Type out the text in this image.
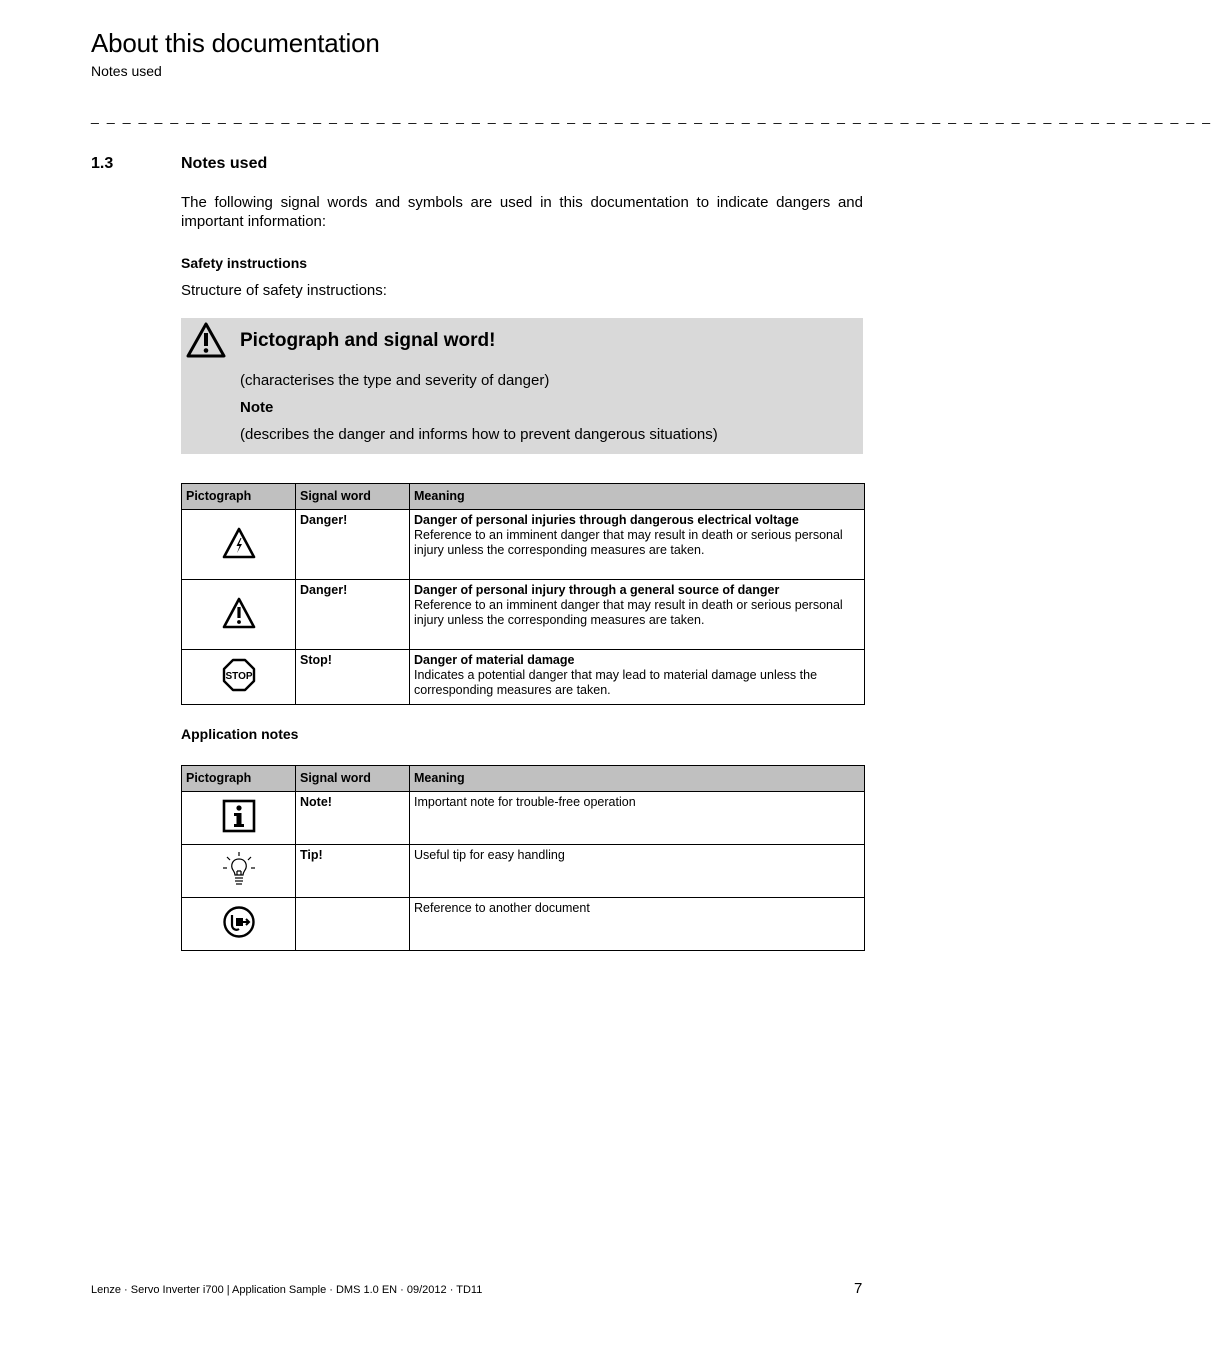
About this documentation
Notes used
_ _ _ _ _ _ _ _ _ _ _ _ _ _ _ _ _ _ _ _ _ _ _ _ _ _ _ _ _ _ _ _ _ _ _ _ _ _ _ _ _ _ _ _ _ _ _ _ _ _ _ _ _ _ _ _ _ _ _ _ _ _ _ _ _ _ _ _ _ _ _
1.3	Notes used

The following signal words and symbols are used in this documentation to indicate dangers and important information:

Safety instructions
Structure of safety instructions:
Pictograph and signal word!
(characterises the type and severity of danger)
Note
(describes the danger and informs how to prevent dangerous situations)
Pictograph	Signal word	Meaning
	Danger!	Danger of personal injuries through dangerous electrical voltage
Reference to an imminent danger that may result in death or serious personal
injury unless the corresponding measures are taken.

	Danger!	Danger of personal injury through a general source of danger
Reference to an imminent danger that may result in death or serious personal
injury unless the corresponding measures are taken.

STOP	Stop!	Danger of material damage
Indicates a potential danger that may lead to material damage unless the corresponding measures are taken.
Application notes
Pictograph	Signal word	Meaning
	Note!	Important note for trouble-free operation
	Tip!	Useful tip for easy handling
		Reference to another document
Lenze · Servo Inverter i700 | Application Sample · DMS 1.0 EN · 09/2012 · TD11	7
